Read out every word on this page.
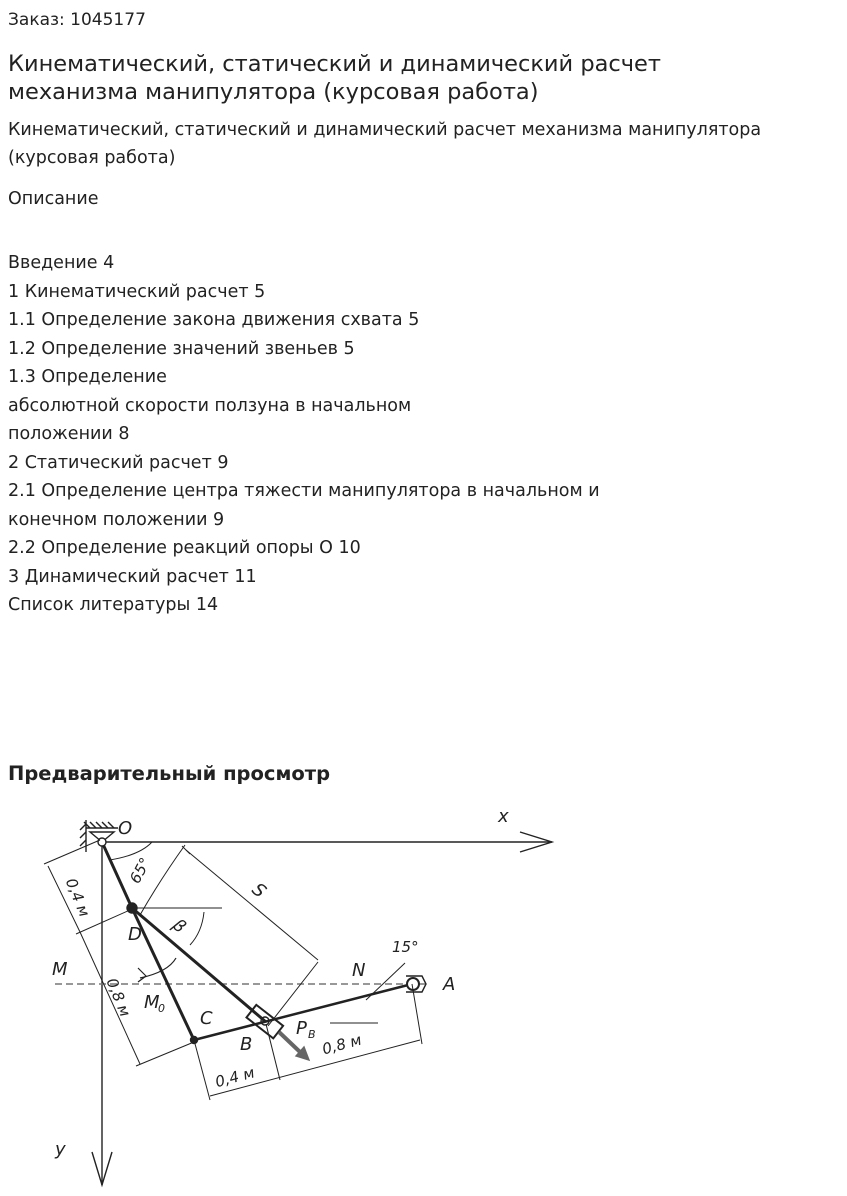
Заказ: 1045177
Кинематический, статический и динамический расчет механизма манипулятора (курсовая работа)

Кинематический, статический и динамический расчет механизма манипулятора (курсовая работа)

Описание
Введение 4
1 Кинематический расчет 5
1.1 Определение закона движения схвата 5
1.2 Определение значений звеньев 5
1.3 Определение
абсолютной скорости ползуна в начальном
положении 8
2 Статический расчет 9
2.1 Определение центра тяжести манипулятора в начальном и
конечном положении 9
2.2 Определение реакций опоры О 10
3 Динамический расчет 11
Список литературы 14
Предварительный просмотр
O
x
y
D
C
B
A
M	N
M
0
P B
S
β
65°
15°
0,4 м
0,8 м
0,4 м
0,8 м
